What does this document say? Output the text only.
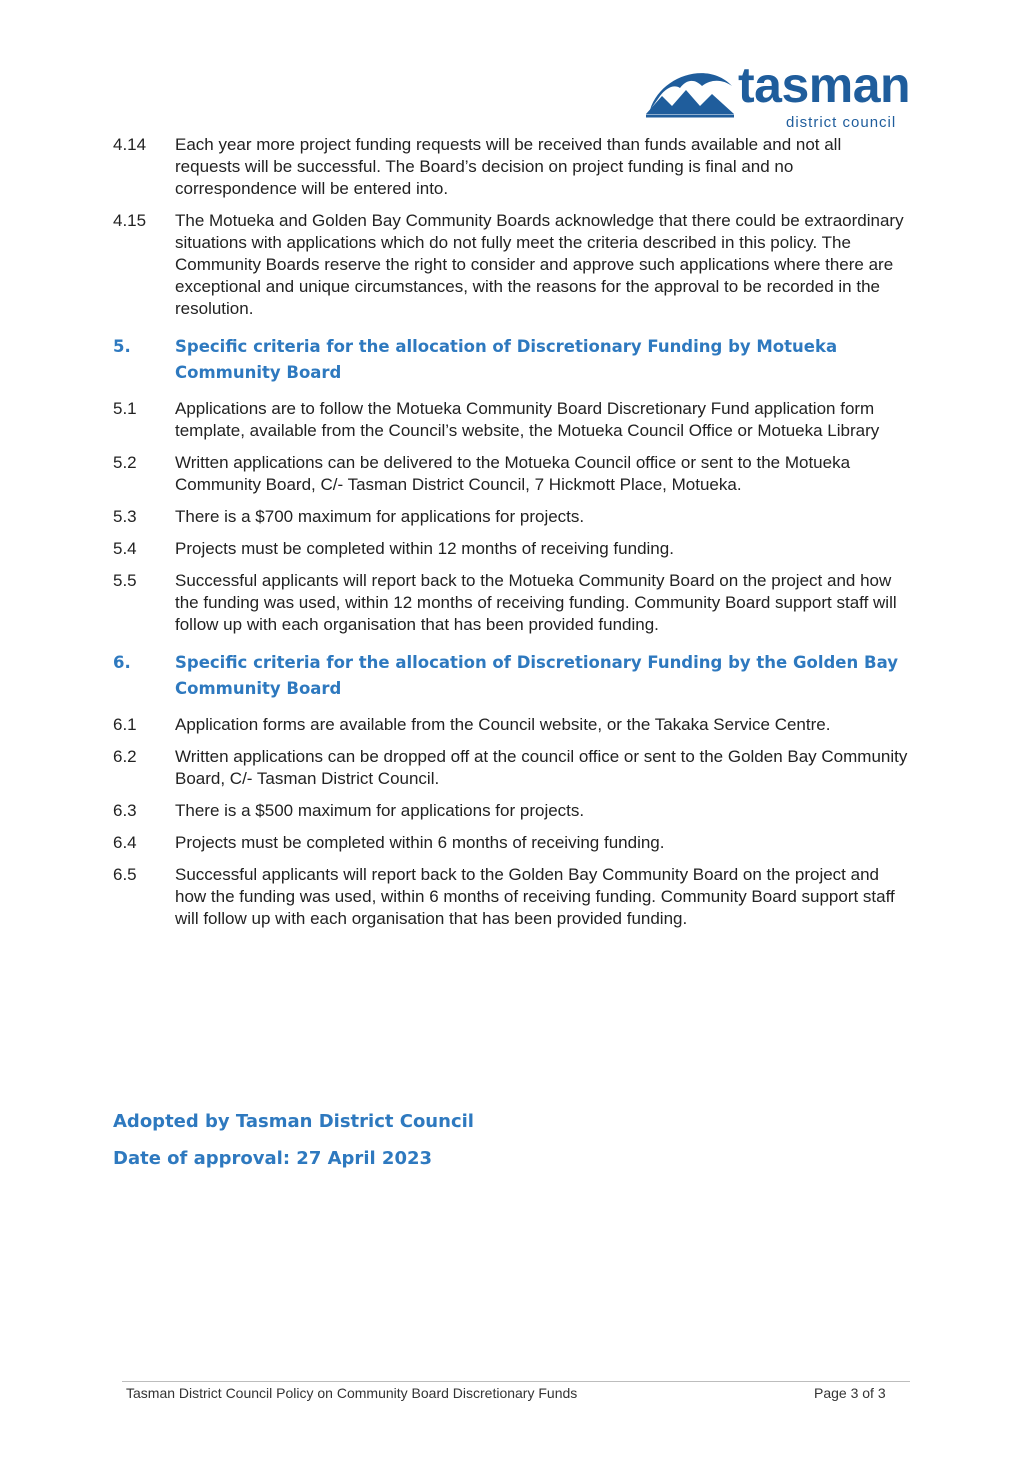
tasman
district council
4.14	Each year more project funding requests will be received than funds available and not all requests will be successful. The Board’s decision on project funding is final and no correspondence will be entered into.
4.15	The Motueka and Golden Bay Community Boards acknowledge that there could be extraordinary situations with applications which do not fully meet the criteria described in this policy. The Community Boards reserve the right to consider and approve such applications where there are exceptional and unique circumstances, with the reasons for the approval to be recorded in the resolution.
5.	Specific criteria for the allocation of Discretionary Funding by Motueka Community Board
5.1	Applications are to follow the Motueka Community Board Discretionary Fund application form template, available from the Council’s website, the Motueka Council Office or Motueka Library
5.2	Written applications can be delivered to the Motueka Council office or sent to the Motueka Community Board, C/- Tasman District Council, 7 Hickmott Place, Motueka.
5.3	There is a $700 maximum for applications for projects.
5.4	Projects must be completed within 12 months of receiving funding.
5.5	Successful applicants will report back to the Motueka Community Board on the project and how the funding was used, within 12 months of receiving funding. Community Board support staff will follow up with each organisation that has been provided funding.
6.	Specific criteria for the allocation of Discretionary Funding by the Golden Bay Community Board
6.1	Application forms are available from the Council website, or the Takaka Service Centre.
6.2	Written applications can be dropped off at the council office or sent to the Golden Bay Community Board, C/- Tasman District Council.
6.3	There is a $500 maximum for applications for projects.
6.4	Projects must be completed within 6 months of receiving funding.
6.5	Successful applicants will report back to the Golden Bay Community Board on the project and how the funding was used, within 6 months of receiving funding. Community Board support staff will follow up with each organisation that has been provided funding.
Adopted by Tasman District Council
Date of approval: 27 April 2023
Tasman District Council Policy on Community Board Discretionary Funds	Page 3 of 3
